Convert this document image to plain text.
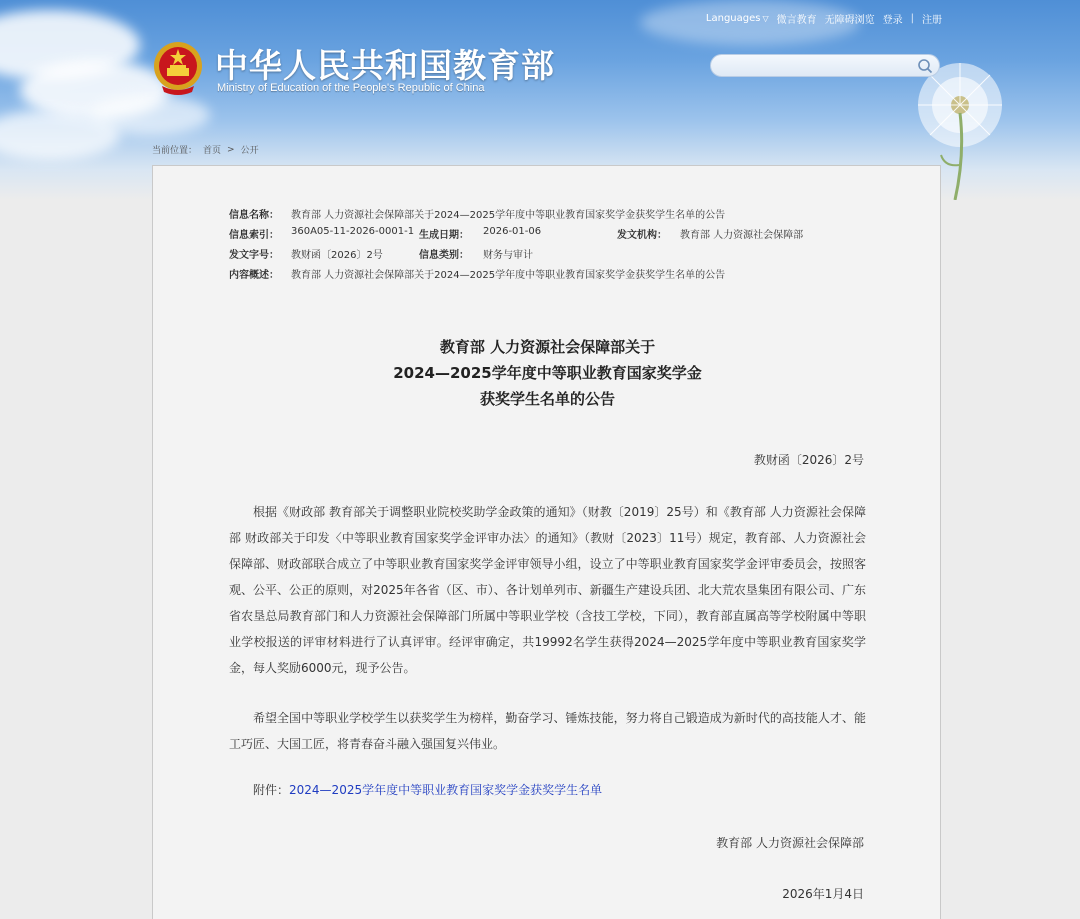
Languages ▽ 微言教育 无障碍浏览 登录 | 注册
中华人民共和国教育部
Ministry of Education of the People's Republic of China
当前位置： 首页 > 公开
信息名称： 教育部 人力资源社会保障部关于2024—2025学年度中等职业教育国家奖学金获奖学生名单的公告
信息索引： 360A05-11-2026-0001-1 生成日期： 2026-01-06	发文机构： 教育部 人力资源社会保障部
发文字号： 教财函〔2026〕2号	信息类别： 财务与审计
内容概述： 教育部 人力资源社会保障部关于2024—2025学年度中等职业教育国家奖学金获奖学生名单的公告
教育部 人力资源社会保障部关于
2024—2025学年度中等职业教育国家奖学金
获奖学生名单的公告
教财函〔2026〕2号

根据《财政部 教育部关于调整职业院校奖助学金政策的通知》（财教〔2019〕25号）和《教育部 人力资源社会保障部 财政部关于印发〈中等职业教育国家奖学金评审办法〉的通知》（教财〔2023〕11号）规定，教育部、人力资源社会保障部、财政部联合成立了中等职业教育国家奖学金评审领导小组，设立了中等职业教育国家奖学金评审委员会，按照客观、公平、公正的原则，对2025年各省（区、市）、各计划单列市、新疆生产建设兵团、北大荒农垦集团有限公司、广东省农垦总局教育部门和人力资源社会保障部门所属中等职业学校（含技工学校，下同），教育部直属高等学校附属中等职业学校报送的评审材料进行了认真评审。经评审确定，共19992名学生获得2024—2025学年度中等职业教育国家奖学金，每人奖励6000元，现予公告。

希望全国中等职业学校学生以获奖学生为榜样，勤奋学习、锤炼技能，努力将自己锻造成为新时代的高技能人才、能工巧匠、大国工匠，将青春奋斗融入强国复兴伟业。

附件：2024—2025学年度中等职业教育国家奖学金获奖学生名单
教育部 人力资源社会保障部
2026年1月4日
